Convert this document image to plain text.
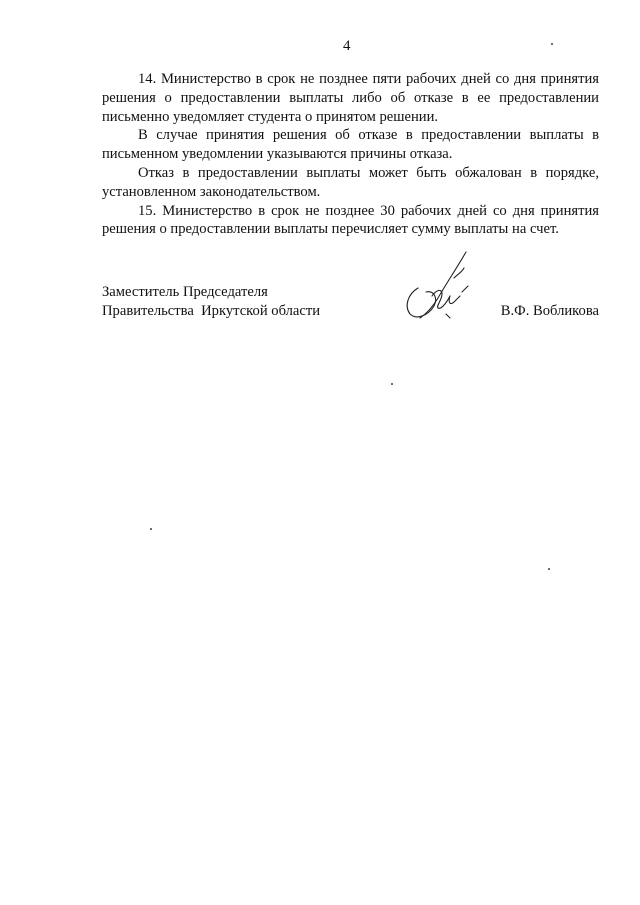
4

14. Министерство в срок не позднее пяти рабочих дней со дня принятия решения о предоставлении выплаты либо об отказе в ее предоставлении письменно уведомляет студента о принятом решении.

В случае принятия решения об отказе в предоставлении выплаты в письменном уведомлении указываются причины отказа.

Отказ в предоставлении выплаты может быть обжалован в порядке, установленном законодательством.

15. Министерство в срок не позднее 30 рабочих дней со дня принятия решения о предоставлении выплаты перечисляет сумму выплаты на счет.

Заместитель Председателя
Правительства  Иркутской области	В.Ф. Вобликова
